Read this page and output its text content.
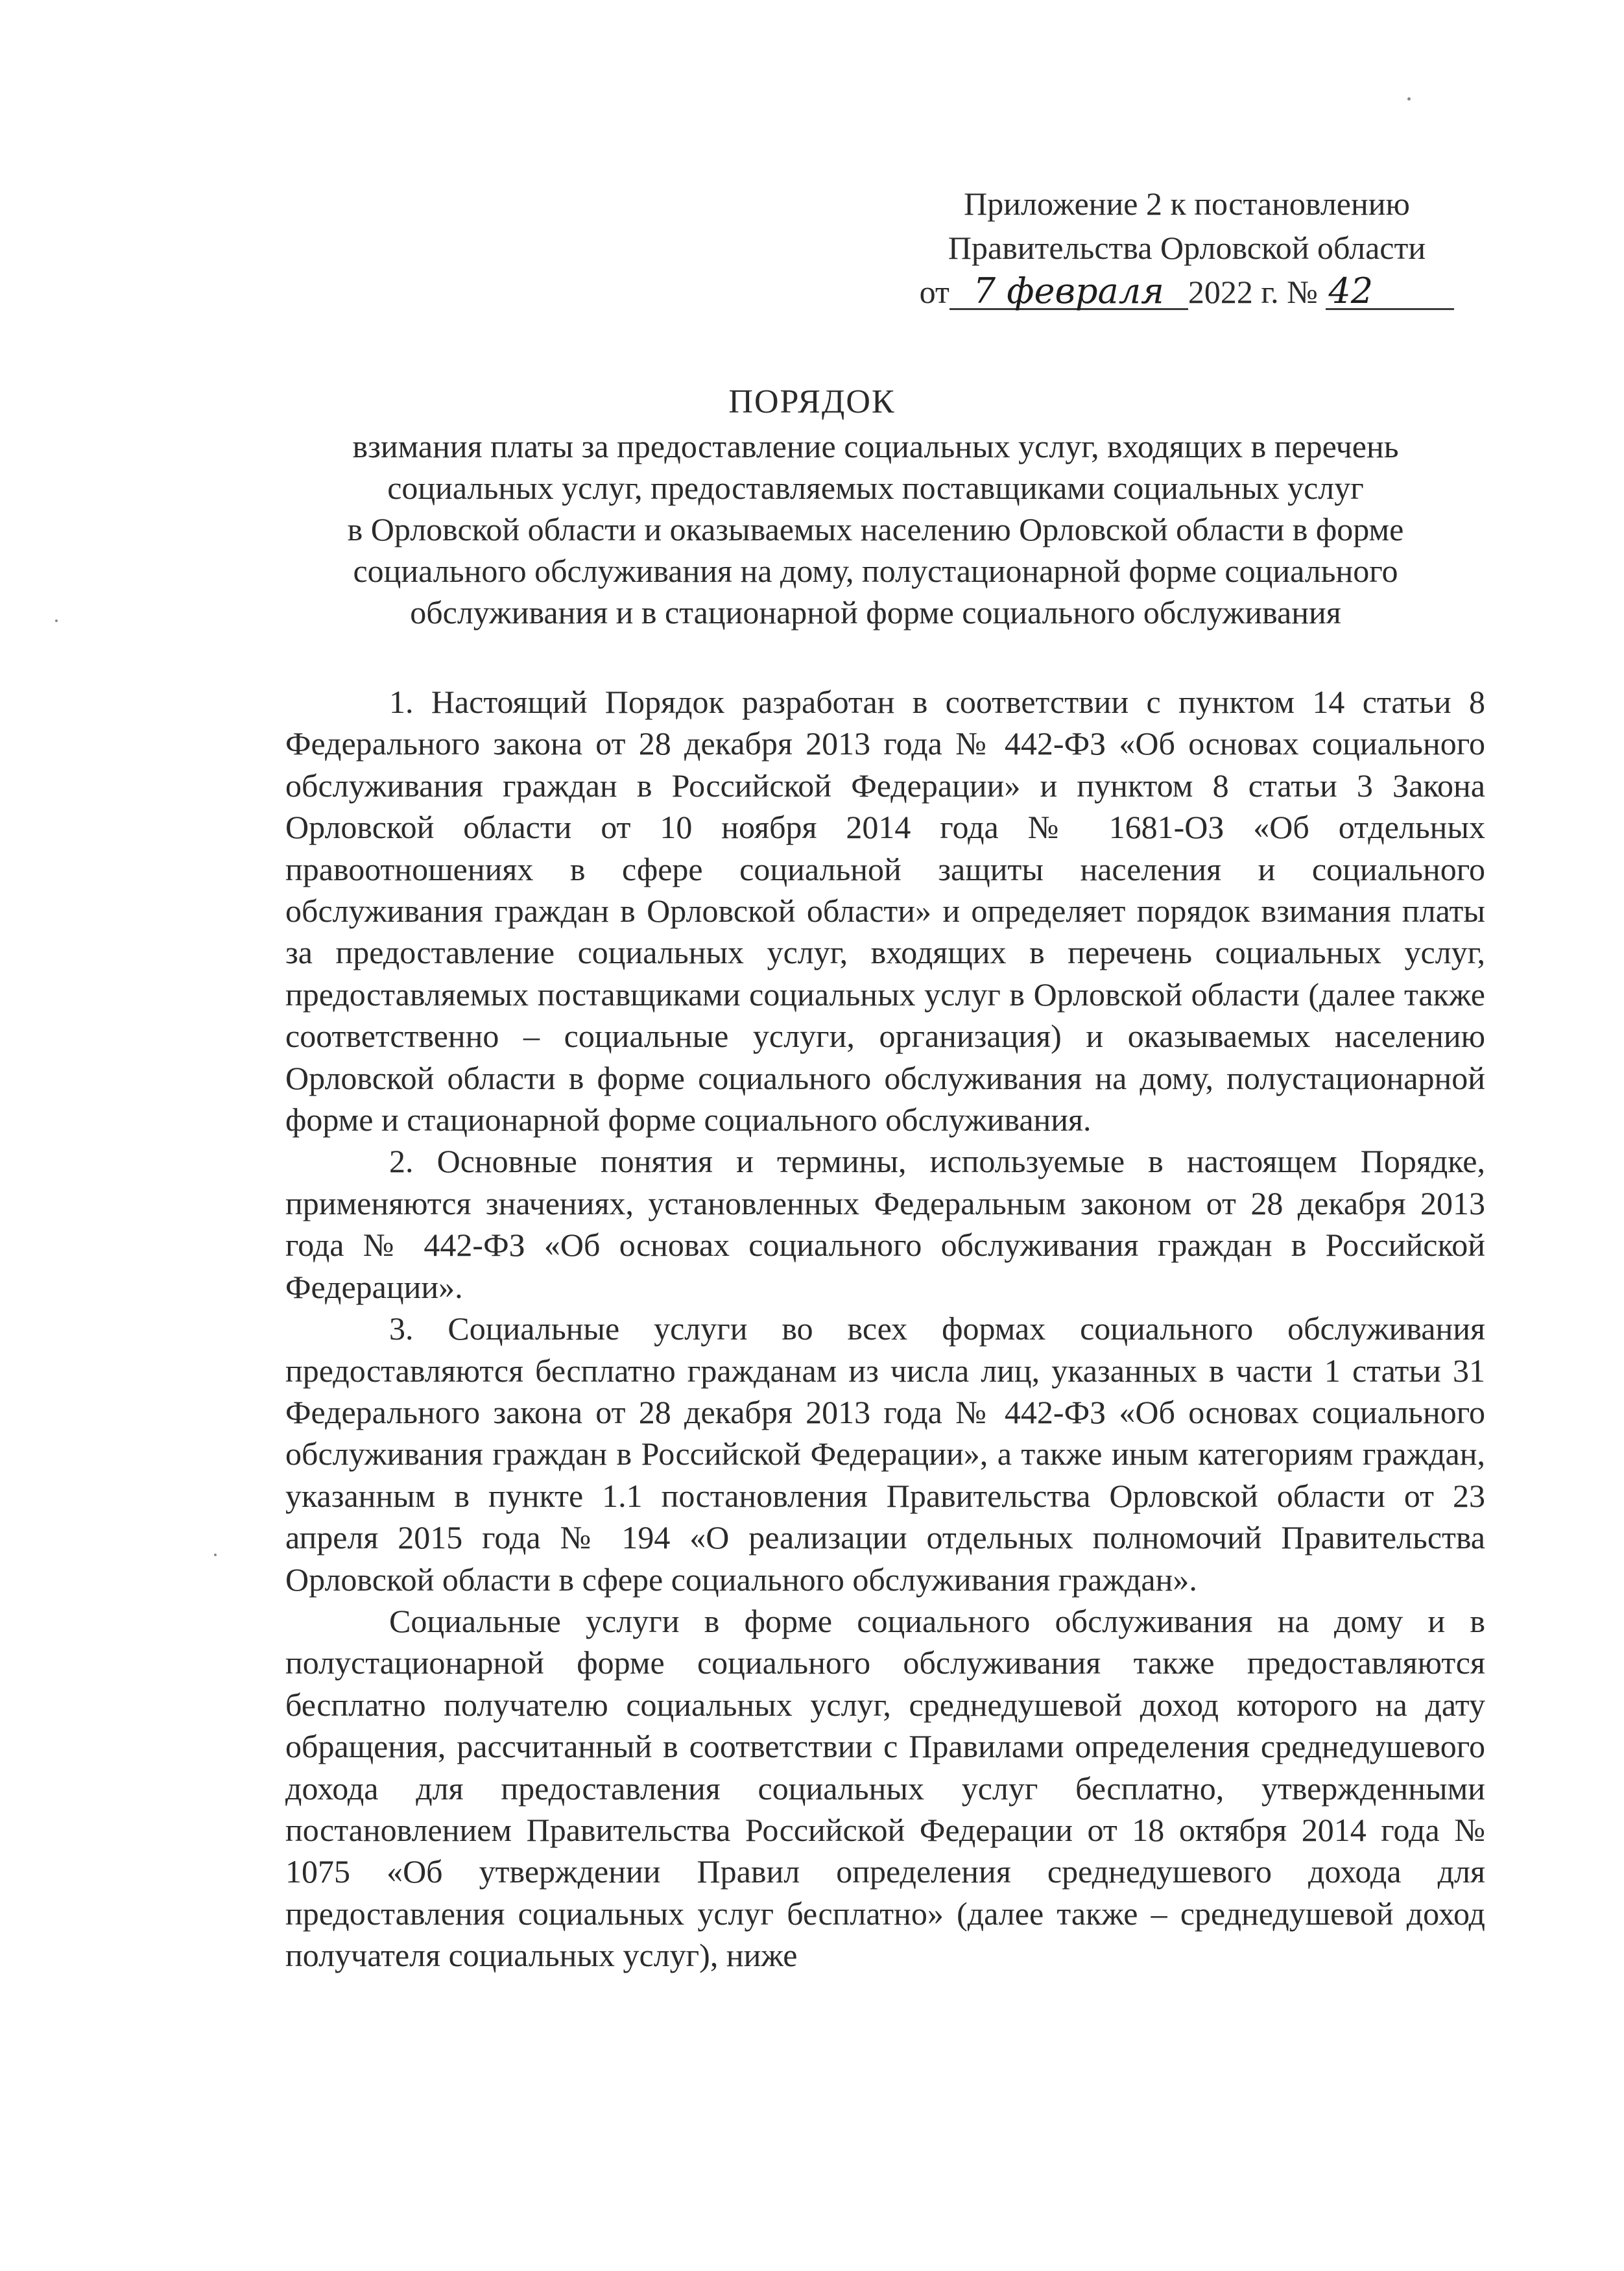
Приложение 2 к постановлению
Правительства Орловской области
от 7 февраля 2022 г. № 42
ПОРЯДОК
взимания платы за предоставление социальных услуг, входящих в перечень
социальных услуг, предоставляемых поставщиками социальных услуг
в Орловской области и оказываемых населению Орловской области в форме
социального обслуживания на дому, полустационарной форме социального
обслуживания и в стационарной форме социального обслуживания

1. Настоящий Порядок разработан в соответствии с пунктом 14 статьи 8 Федерального закона от 28 декабря 2013 года № 442-ФЗ «Об основах социального обслуживания граждан в Российской Федерации» и пунктом 8 статьи 3 Закона Орловской области от 10 ноября 2014 года № 1681-ОЗ «Об отдельных правоотношениях в сфере социальной защиты населения и социального обслуживания граждан в Орловской области» и определяет порядок взимания платы за предоставление социальных услуг, входящих в перечень социальных услуг, предоставляемых поставщиками социальных услуг в Орловской области (далее также соответственно – социальные услуги, организация) и оказываемых населению Орловской области в форме социального обслуживания на дому, полустационарной форме и стационарной форме социального обслуживания.

2. Основные понятия и термины, используемые в настоящем Порядке, применяются значениях, установленных Федеральным законом от 28 декабря 2013 года № 442-ФЗ «Об основах социального обслуживания граждан в Российской Федерации».

3. Социальные услуги во всех формах социального обслуживания предоставляются бесплатно гражданам из числа лиц, указанных в части 1 статьи 31 Федерального закона от 28 декабря 2013 года № 442-ФЗ «Об основах социального обслуживания граждан в Российской Федерации», а также иным категориям граждан, указанным в пункте 1.1 постановления Правительства Орловской области от 23 апреля 2015 года № 194 «О реализации отдельных полномочий Правительства Орловской области в сфере социального обслуживания граждан».

Социальные услуги в форме социального обслуживания на дому и в полустационарной форме социального обслуживания также предоставляются бесплатно получателю социальных услуг, среднедушевой доход которого на дату обращения, рассчитанный в соответствии с Правилами определения среднедушевого дохода для предоставления социальных услуг бесплатно, утвержденными постановлением Правительства Российской Федерации от 18 октября 2014 года № 1075 «Об утверждении Правил определения среднедушевого дохода для предоставления социальных услуг бесплатно» (далее также – среднедушевой доход получателя социальных услуг), ниже
